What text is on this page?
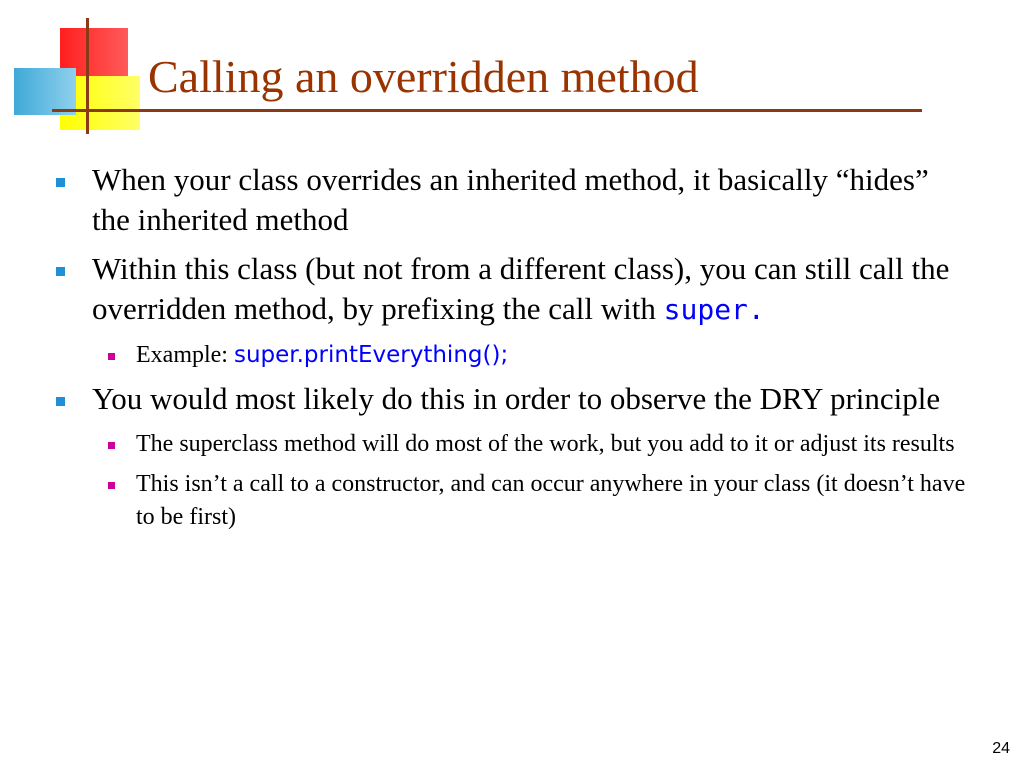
Calling an overridden method
When your class overrides an inherited method, it basically “hides” the inherited method
Within this class (but not from a different class), you can still call the overridden method, by prefixing the call with super.
Example: super.printEverything();
You would most likely do this in order to observe the DRY principle
The superclass method will do most of the work, but you add to it or adjust its results
This isn’t a call to a constructor, and can occur anywhere in your class (it doesn’t have to be first)
24
